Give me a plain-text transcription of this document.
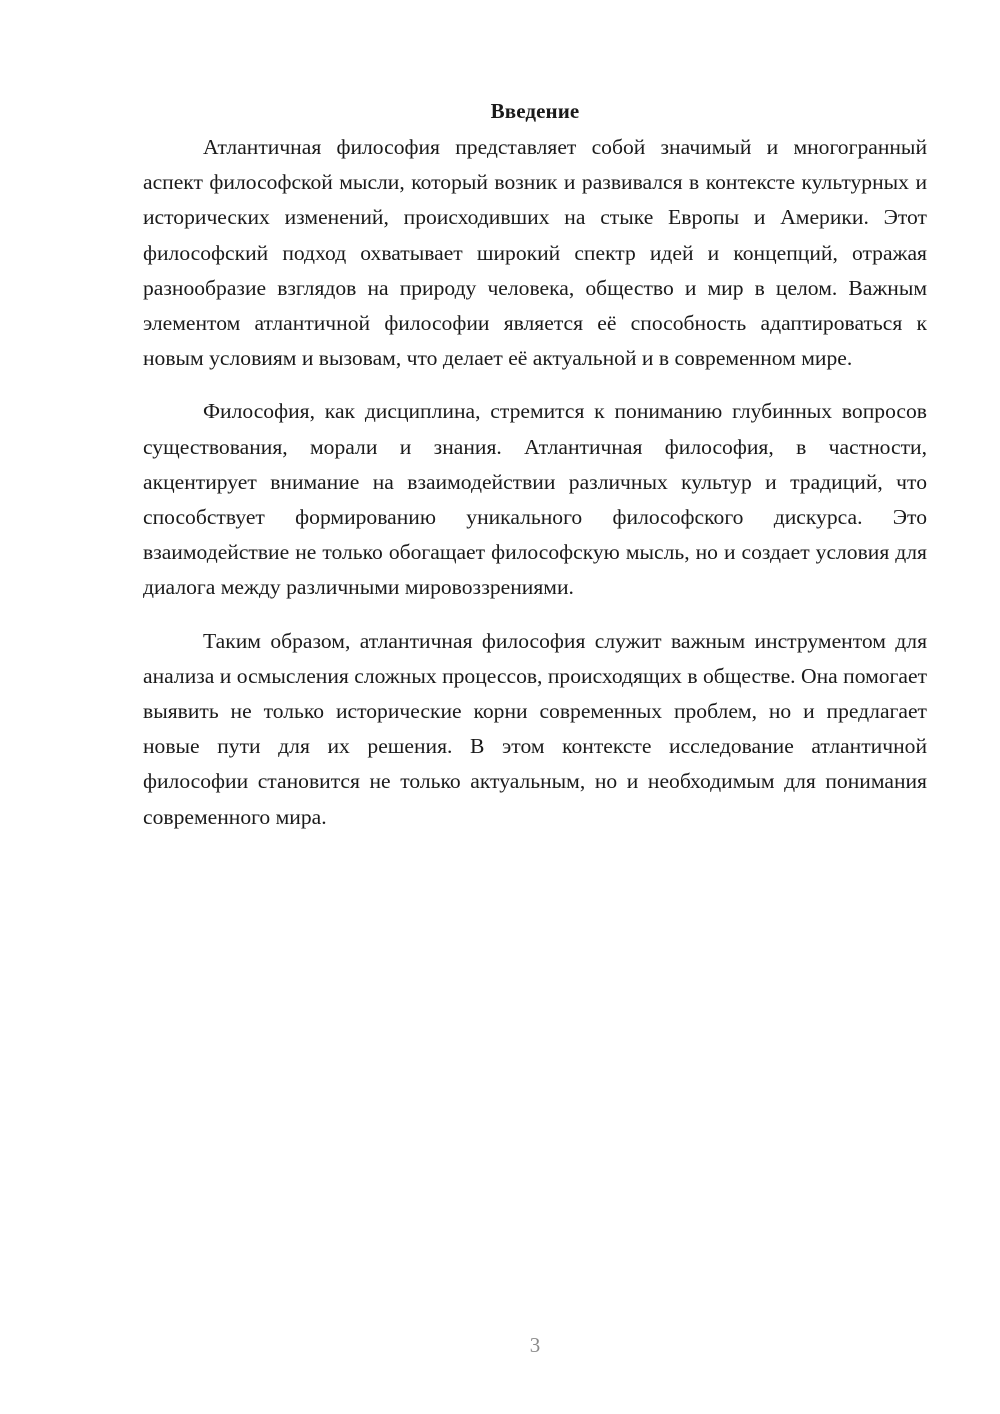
Введение

Атлантичная философия представляет собой значимый и многогранный аспект философской мысли, который возник и развивался в контексте культурных и исторических изменений, происходивших на стыке Европы и Америки. Этот философский подход охватывает широкий спектр идей и концепций, отражая разнообразие взглядов на природу человека, общество и мир в целом. Важным элементом атлантичной философии является её способность адаптироваться к новым условиям и вызовам, что делает её актуальной и в современном мире.

Философия, как дисциплина, стремится к пониманию глубинных вопросов существования, морали и знания. Атлантичная философия, в частности, акцентирует внимание на взаимодействии различных культур и традиций, что способствует формированию уникального философского дискурса. Это взаимодействие не только обогащает философскую мысль, но и создает условия для диалога между различными мировоззрениями.

Таким образом, атлантичная философия служит важным инструментом для анализа и осмысления сложных процессов, происходящих в обществе. Она помогает выявить не только исторические корни современных проблем, но и предлагает новые пути для их решения. В этом контексте исследование атлантичной философии становится не только актуальным, но и необходимым для понимания современного мира.

3
